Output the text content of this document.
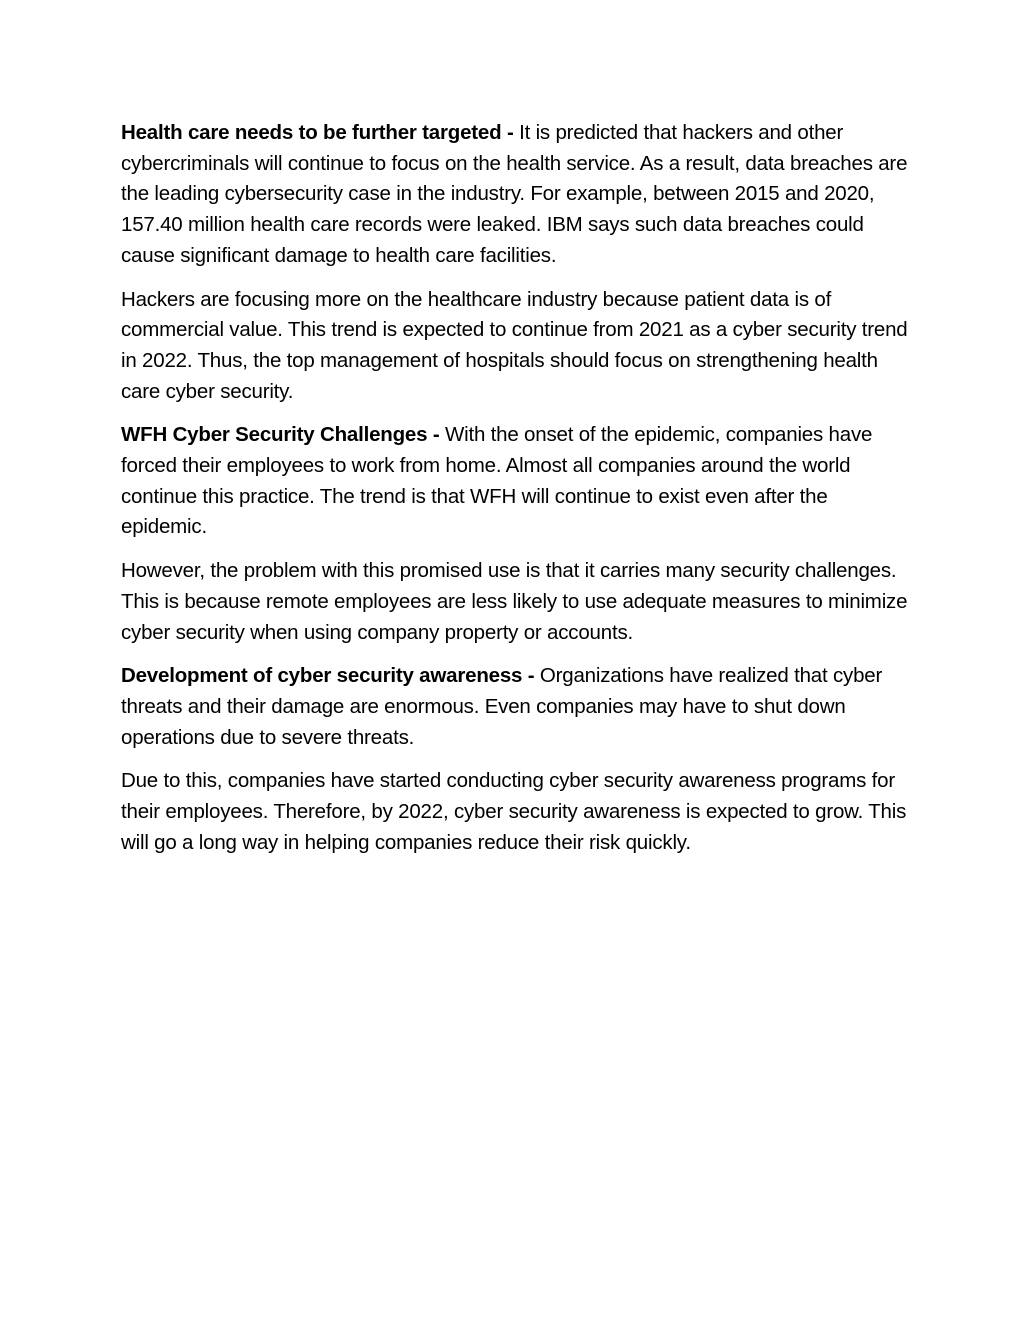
Health care needs to be further targeted - It is predicted that hackers and other cybercriminals will continue to focus on the health service. As a result, data breaches are the leading cybersecurity case in the industry. For example, between 2015 and 2020, 157.40 million health care records were leaked. IBM says such data breaches could cause significant damage to health care facilities.

Hackers are focusing more on the healthcare industry because patient data is of commercial value. This trend is expected to continue from 2021 as a cyber security trend in 2022. Thus, the top management of hospitals should focus on strengthening health care cyber security.

WFH Cyber Security Challenges - With the onset of the epidemic, companies have forced their employees to work from home. Almost all companies around the world continue this practice. The trend is that WFH will continue to exist even after the epidemic.

However, the problem with this promised use is that it carries many security challenges. This is because remote employees are less likely to use adequate measures to minimize cyber security when using company property or accounts.

Development of cyber security awareness - Organizations have realized that cyber threats and their damage are enormous. Even companies may have to shut down operations due to severe threats.

Due to this, companies have started conducting cyber security awareness programs for their employees. Therefore, by 2022, cyber security awareness is expected to grow. This will go a long way in helping companies reduce their risk quickly.
